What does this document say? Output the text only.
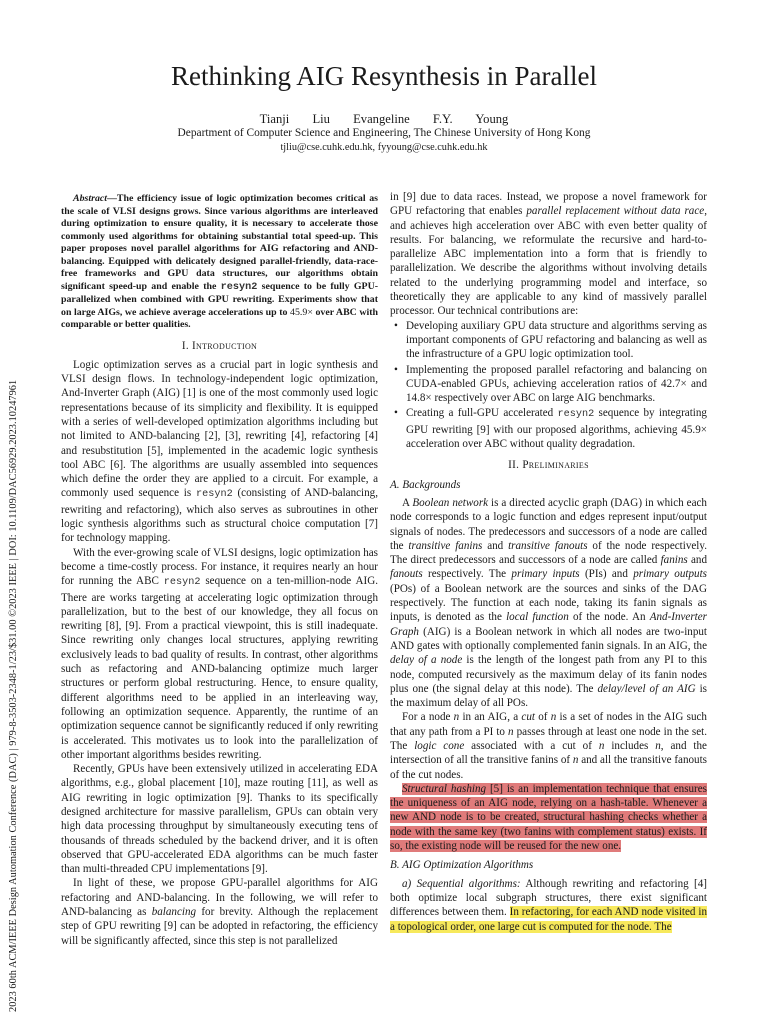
2023 60th ACM/IEEE Design Automation Conference (DAC) | 979-8-3503-2348-1/23/$31.00 ©2023 IEEE | DOI: 10.1109/DAC56929.2023.10247961
Rethinking AIG Resynthesis in Parallel
Tianji Liu Evangeline F.Y. Young
Department of Computer Science and Engineering, The Chinese University of Hong Kong
tjliu@cse.cuhk.edu.hk, fyyoung@cse.cuhk.edu.hk
Abstract—The efficiency issue of logic optimization becomes critical as the scale of VLSI designs grows. Since various algorithms are interleaved during optimization to ensure quality, it is necessary to accelerate those commonly used algorithms for obtaining substantial total speed-up. This paper proposes novel parallel algorithms for AIG refactoring and AND-balancing. Equipped with delicately designed parallel-friendly, data-race-free frameworks and GPU data structures, our algorithms obtain significant speed-up and enable the resyn2 sequence to be fully GPU-parallelized when combined with GPU rewriting. Experiments show that on large AIGs, we achieve average accelerations up to 45.9× over ABC with comparable or better qualities.
I. Introduction

Logic optimization serves as a crucial part in logic synthesis and VLSI design flows. In technology-independent logic optimization, And-Inverter Graph (AIG) [1] is one of the most commonly used logic representations because of its simplicity and flexibility. It is equipped with a series of well-developed optimization algorithms including but not limited to AND-balancing [2], [3], rewriting [4], refactoring [4] and resubstitution [5], implemented in the academic logic synthesis tool ABC [6]. The algorithms are usually assembled into sequences which define the order they are applied to a circuit. For example, a commonly used sequence is resyn2 (consisting of AND-balancing, rewriting and refactoring), which also serves as subroutines in other logic synthesis algorithms such as structural choice computation [7] for technology mapping.

With the ever-growing scale of VLSI designs, logic optimization has become a time-costly process. For instance, it requires nearly an hour for running the ABC resyn2 sequence on a ten-million-node AIG. There are works targeting at accelerating logic optimization through parallelization, but to the best of our knowledge, they all focus on rewriting [8], [9]. From a practical viewpoint, this is still inadequate. Since rewriting only changes local structures, applying rewriting exclusively leads to bad quality of results. In contrast, other algorithms such as refactoring and AND-balancing optimize much larger structures or perform global restructuring. Hence, to ensure quality, different algorithms need to be applied in an interleaving way, following an optimization sequence. Apparently, the runtime of an optimization sequence cannot be significantly reduced if only rewriting is accelerated. This motivates us to look into the parallelization of other important algorithms besides rewriting.

Recently, GPUs have been extensively utilized in accelerating EDA algorithms, e.g., global placement [10], maze routing [11], as well as AIG rewriting in logic optimization [9]. Thanks to its specifically designed architecture for massive parallelism, GPUs can obtain very high data processing throughput by simultaneously executing tens of thousands of threads scheduled by the backend driver, and it is often observed that GPU-accelerated EDA algorithms can be much faster than multi-threaded CPU implementations [9].

In light of these, we propose GPU-parallel algorithms for AIG refactoring and AND-balancing. In the following, we will refer to AND-balancing as balancing for brevity. Although the replacement step of GPU rewriting [9] can be adopted in refactoring, the efficiency will be significantly affected, since this step is not parallelized

in [9] due to data races. Instead, we propose a novel framework for GPU refactoring that enables parallel replacement without data race, and achieves high acceleration over ABC with even better quality of results. For balancing, we reformulate the recursive and hard-to-parallelize ABC implementation into a form that is friendly to parallelization. We describe the algorithms without involving details related to the underlying programming model and interface, so theoretically they are applicable to any kind of massively parallel processor. Our technical contributions are:

• Developing auxiliary GPU data structure and algorithms serving as important components of GPU refactoring and balancing as well as the infrastructure of a GPU logic optimization tool.
• Implementing the proposed parallel refactoring and balancing on CUDA-enabled GPUs, achieving acceleration ratios of 42.7× and 14.8× respectively over ABC on large AIG benchmarks.
• Creating a full-GPU accelerated resyn2 sequence by integrating GPU rewriting [9] with our proposed algorithms, achieving 45.9× acceleration over ABC without quality degradation.
II. Preliminaries
A. Backgrounds

A Boolean network is a directed acyclic graph (DAG) in which each node corresponds to a logic function and edges represent input/output signals of nodes. The predecessors and successors of a node are called the transitive fanins and transitive fanouts of the node respectively. The direct predecessors and successors of a node are called fanins and fanouts respectively. The primary inputs (PIs) and primary outputs (POs) of a Boolean network are the sources and sinks of the DAG respectively. The function at each node, taking its fanin signals as inputs, is denoted as the local function of the node. An And-Inverter Graph (AIG) is a Boolean network in which all nodes are two-input AND gates with optionally complemented fanin signals. In an AIG, the delay of a node is the length of the longest path from any PI to this node, computed recursively as the maximum delay of its fanin nodes plus one (the signal delay at this node). The delay/level of an AIG is the maximum delay of all POs.

For a node n in an AIG, a cut of n is a set of nodes in the AIG such that any path from a PI to n passes through at least one node in the set. The logic cone associated with a cut of n includes n, and the intersection of all the transitive fanins of n and all the transitive fanouts of the cut nodes.

Structural hashing [5] is an implementation technique that ensures the uniqueness of an AIG node, relying on a hash-table. Whenever a new AND node is to be created, structural hashing checks whether a node with the same key (two fanins with complement status) exists. If so, the existing node will be reused for the new one.

B. AIG Optimization Algorithms

a) Sequential algorithms: Although rewriting and refactoring [4] both optimize local subgraph structures, there exist significant differences between them. In refactoring, for each AND node visited in a topological order, one large cut is computed for the node. The
